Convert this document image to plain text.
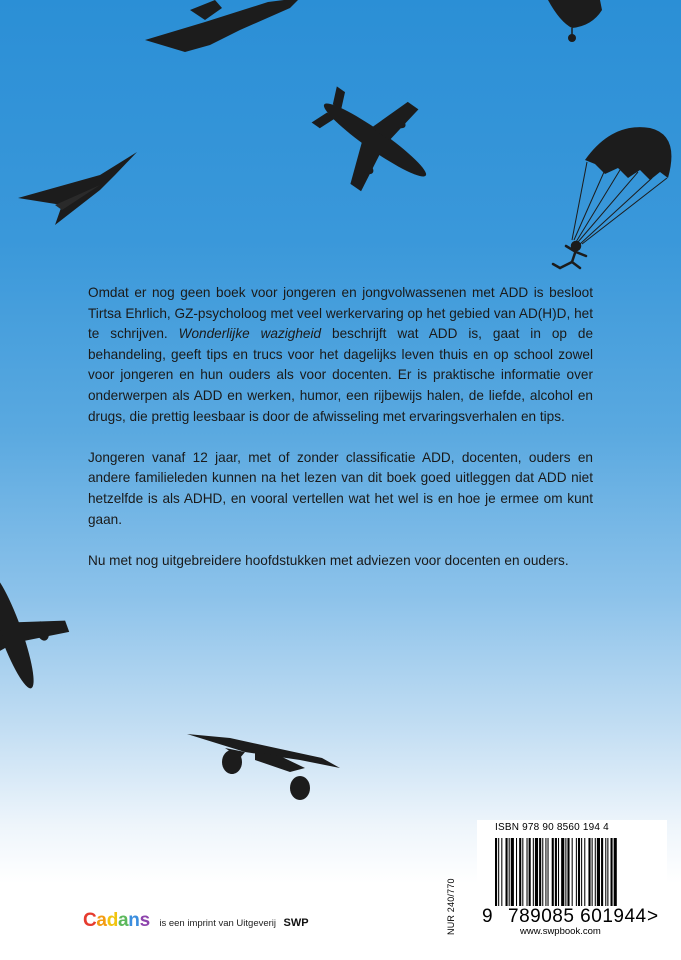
Omdat er nog geen boek voor jongeren en jongvolwassenen met ADD is besloot Tirtsa Ehrlich, GZ-psycholoog met veel werkervaring op het gebied van AD(H)D, het te schrijven. Wonderlijke wazigheid beschrijft wat ADD is, gaat in op de behandeling, geeft tips en trucs voor het dagelijks leven thuis en op school zowel voor jongeren en hun ouders als voor docenten. Er is praktische informatie over onderwerpen als ADD en werken, humor, een rijbewijs halen, de liefde, alcohol en drugs, die prettig leesbaar is door de afwisseling met ervaringsverhalen en tips.

Jongeren vanaf 12 jaar, met of zonder classificatie ADD, docenten, ouders en andere familieleden kunnen na het lezen van dit boek goed uitleggen dat ADD niet hetzelfde is als ADHD, en vooral vertellen wat het wel is en hoe je ermee om kunt gaan.

Nu met nog uitgebreidere hoofdstukken met adviezen voor docenten en ouders.

ISBN 978 90 8560 194 4
NUR 240/770 9 789085 601944 >
www.swpbook.com
Cadans is een imprint van Uitgeverij SWP
